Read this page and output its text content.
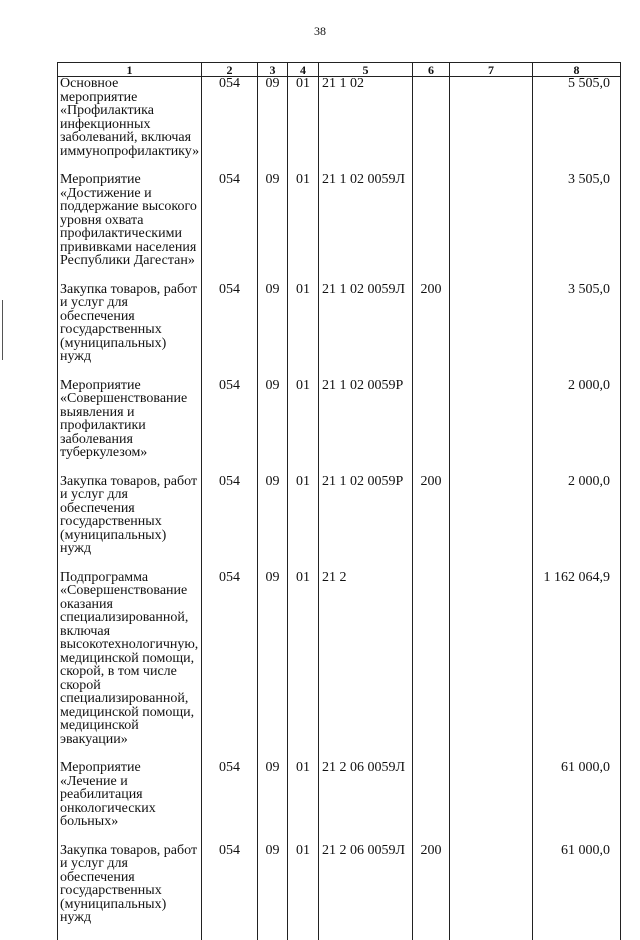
38
1	2	3	4	5	6	7	8
Основное мероприятие «Профилактика инфекционных заболеваний, включая иммунопрофилактику»	054	09	01	21 1 02			5 505,0
Мероприятие «Достижение и поддержание высокого уровня охвата профилактическими прививками населения Республики Дагестан»	054	09	01	21 1 02 0059Л			3 505,0
Закупка товаров, работ и услуг для обеспечения государственных (муниципальных) нужд	054	09	01	21 1 02 0059Л	200		3 505,0
Мероприятие «Совершенствование выявления и профилактики заболевания туберкулезом»	054	09	01	21 1 02 0059Р			2 000,0
Закупка товаров, работ и услуг для обеспечения государственных (муниципальных) нужд	054	09	01	21 1 02 0059Р	200		2 000,0
Подпрограмма «Совершенствование оказания специализированной, включая высокотехнологичную, медицинской помощи, скорой, в том числе скорой специализированной, медицинской помощи, медицинской эвакуации»	054	09	01	21 2			1 162 064,9
Мероприятие «Лечение и реабилитация онкологических больных»	054	09	01	21 2 06 0059Л			61 000,0
Закупка товаров, работ и услуг для обеспечения государственных (муниципальных) нужд	054	09	01	21 2 06 0059Л	200		61 000,0
